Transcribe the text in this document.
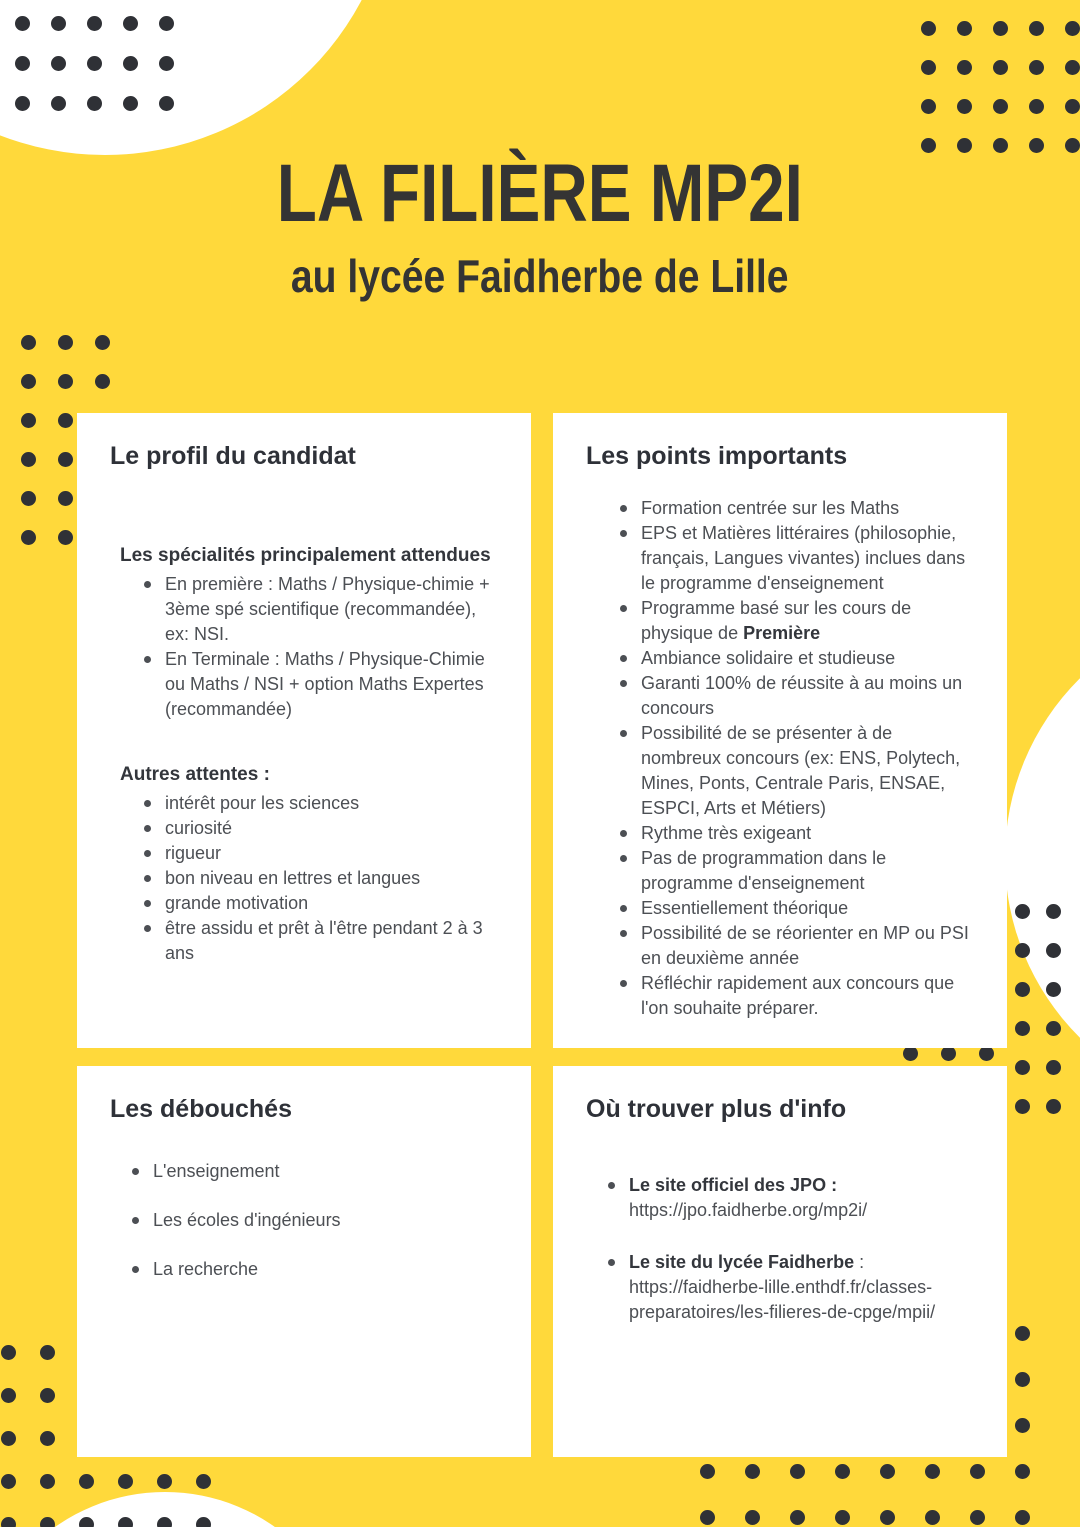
LA FILIÈRE MP2I
au lycée Faidherbe de Lille
Le profil du candidat
Les spécialités principalement attendues
En première : Maths / Physique-chimie + 3ème spé scientifique (recommandée), ex: NSI.
En Terminale : Maths / Physique-Chimie ou Maths / NSI + option Maths Expertes (recommandée)
Autres attentes :
intérêt pour les sciences
curiosité
rigueur
bon niveau en lettres et langues
grande motivation
être assidu et prêt à l'être pendant 2 à 3 ans
Les points importants
Formation centrée sur les Maths
EPS et Matières littéraires (philosophie, français, Langues vivantes) inclues dans le programme d'enseignement
Programme basé sur les cours de physique de Première
Ambiance solidaire et studieuse
Garanti 100% de réussite à au moins un concours
Possibilité de se présenter à de nombreux concours (ex: ENS, Polytech, Mines, Ponts, Centrale Paris, ENSAE, ESPCI, Arts et Métiers)
Rythme très exigeant
Pas de programmation dans le programme d'enseignement
Essentiellement théorique
Possibilité de se réorienter en MP ou PSI en deuxième année
Réfléchir rapidement aux concours que l'on souhaite préparer.
Les débouchés
L'enseignement
Les écoles d'ingénieurs
La recherche
Où trouver plus d'info
Le site officiel des JPO :
https://jpo.faidherbe.org/mp2i/
Le site du lycée Faidherbe :
https://faidherbe-lille.enthdf.fr/classes-preparatoires/les-filieres-de-cpge/mpii/
